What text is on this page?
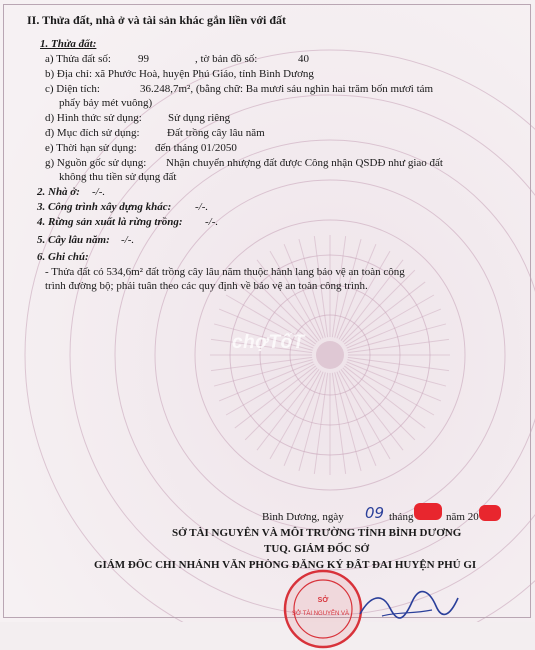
II. Thửa đất, nhà ở và tài sản khác gắn liền với đất
1. Thửa đất:
a) Thửa đất số: 99	, tờ bản đồ số:	40
b) Địa chỉ: xã Phước Hoà, huyện Phú Giáo, tỉnh Bình Dương
c) Diện tích:	36.248,7m², (bằng chữ: Ba mươi sáu nghìn hai trăm bốn mươi tám
phẩy bảy mét vuông)
d) Hình thức sử dụng: Sử dụng riêng
đ) Mục đích sử dụng: Đất trồng cây lâu năm
e) Thời hạn sử dụng: đến tháng 01/2050
g) Nguồn gốc sử dụng: Nhận chuyển nhượng đất được Công nhận QSDĐ như giao đất
không thu tiền sử dụng đất
2. Nhà ở: -/-.
3. Công trình xây dựng khác: -/-.
4. Rừng sản xuất là rừng trồng: -/-.
5. Cây lâu năm: -/-.
6. Ghi chú:
- Thửa đất có 534,6m² đất trồng cây lâu năm thuộc hành lang bảo vệ an toàn công
trình đường bộ; phải tuân theo các quy định về bảo vệ an toàn công trình.
Bình Dương, ngày 09 tháng	năm 20
SỞ TÀI NGUYÊN VÀ MÔI TRƯỜNG TỈNH BÌNH DƯƠNG
TUQ. GIÁM ĐỐC SỞ
GIÁM ĐỐC CHI NHÁNH VĂN PHÒNG ĐĂNG KÝ ĐẤT ĐAI HUYỆN PHÚ GI
chợTốT
SỞ
SỞ TÀI NGUYÊN VÀ
